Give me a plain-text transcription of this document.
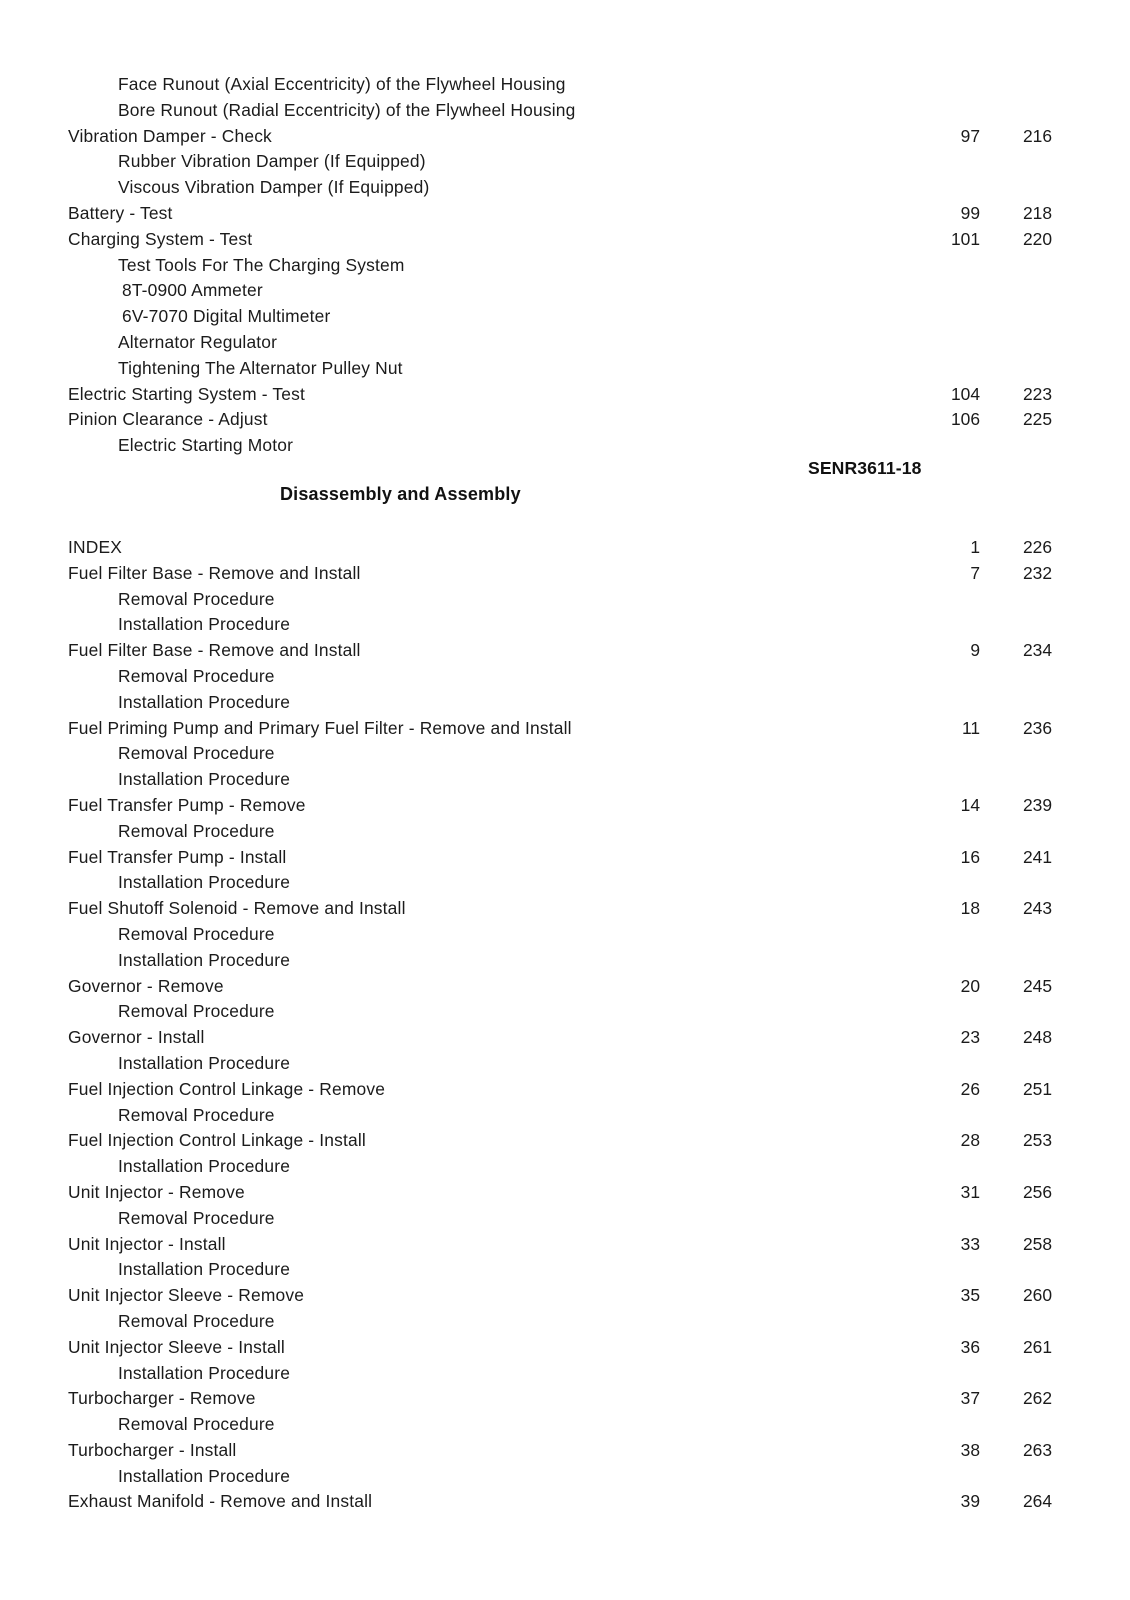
Face Runout (Axial Eccentricity) of the Flywheel Housing
Bore Runout (Radial Eccentricity) of the Flywheel Housing
Vibration Damper - Check	97	216
Rubber Vibration Damper (If Equipped)
Viscous Vibration Damper (If Equipped)
Battery - Test	99	218
Charging System - Test	101	220
Test Tools For The Charging System
8T-0900 Ammeter
6V-7070 Digital Multimeter
Alternator Regulator
Tightening The Alternator Pulley Nut
Electric Starting System - Test	104	223
Pinion Clearance - Adjust	106	225
Electric Starting Motor
SENR3611-18
Disassembly and Assembly
INDEX	1	226
Fuel Filter Base - Remove and Install	7	232
Removal Procedure
Installation Procedure
Fuel Filter Base - Remove and Install	9	234
Removal Procedure
Installation Procedure
Fuel Priming Pump and Primary Fuel Filter - Remove and Install	11	236
Removal Procedure
Installation Procedure
Fuel Transfer Pump - Remove	14	239
Removal Procedure
Fuel Transfer Pump - Install	16	241
Installation Procedure
Fuel Shutoff Solenoid - Remove and Install	18	243
Removal Procedure
Installation Procedure
Governor - Remove	20	245
Removal Procedure
Governor - Install	23	248
Installation Procedure
Fuel Injection Control Linkage - Remove	26	251
Removal Procedure
Fuel Injection Control Linkage - Install	28	253
Installation Procedure
Unit Injector - Remove	31	256
Removal Procedure
Unit Injector - Install	33	258
Installation Procedure
Unit Injector Sleeve - Remove	35	260
Removal Procedure
Unit Injector Sleeve - Install	36	261
Installation Procedure
Turbocharger - Remove	37	262
Removal Procedure
Turbocharger - Install	38	263
Installation Procedure
Exhaust Manifold - Remove and Install	39	264
